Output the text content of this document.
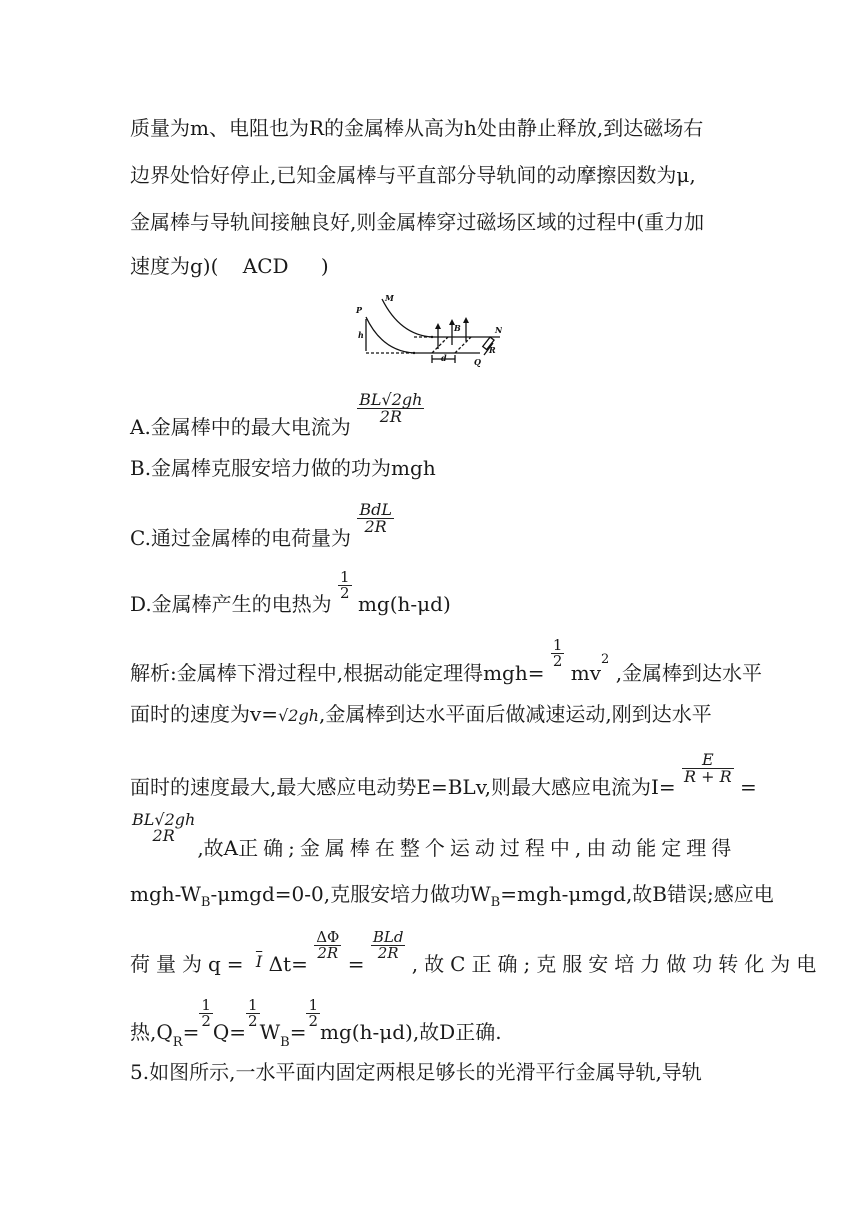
质量为m、电阻也为R的金属棒从高为h处由静止释放,到达磁场右
边界处恰好停止,已知金属棒与平直部分导轨间的动摩擦因数为μ,
金属棒与导轨间接触良好,则金属棒穿过磁场区域的过程中(重力加
速度为g)( ACD )
P
M
h
B	N
d	Q
R
A.金属棒中的最大电流为
$\frac{BL√2gh}{2R}$
B.金属棒克服安培力做的功为mgh
C.通过金属棒的电荷量为
$\frac{\text{BdL}}{2R}$
D.金属棒产生的电热为
$\frac{1}{2}$
mg(h-μd)
解析:金属棒下滑过程中,根据动能定理得mgh=
$\frac{1}{2}$
$mv^2$ ,金属棒到达水平
面时的速度为v=√2gh,金属棒到达水平面后做减速运动,刚到达水平
面时的速度最大,最大感应电动势E=BLv,则最大感应电流为I=
$\frac{E}{R + R}$
=
BL√2gh
2R
,故 A 正确;金属棒在整个运动过程中,由动能定理得
mgh-$W_B-\mu mgd=0-0$,克服安培力做功$W_B=mgh$-μmgd,故B错误;感应电
荷量为q= $_{\overline{I}}$ Δt=
$\frac{\Delta\Phi}{2R}$
=
$\frac{\text{BLd}}{2R}$
,故C正确;克服安培力做功转化为电
热$,Q_R=$
$\frac{1}{2}$
Q=
$\frac{1}{2}$
$W_B=$
$\frac{1}{2}$
mg(h-μd),故D正确.
5.如图所示,一水平面内固定两根足够长的光滑平行金属导轨,导轨
